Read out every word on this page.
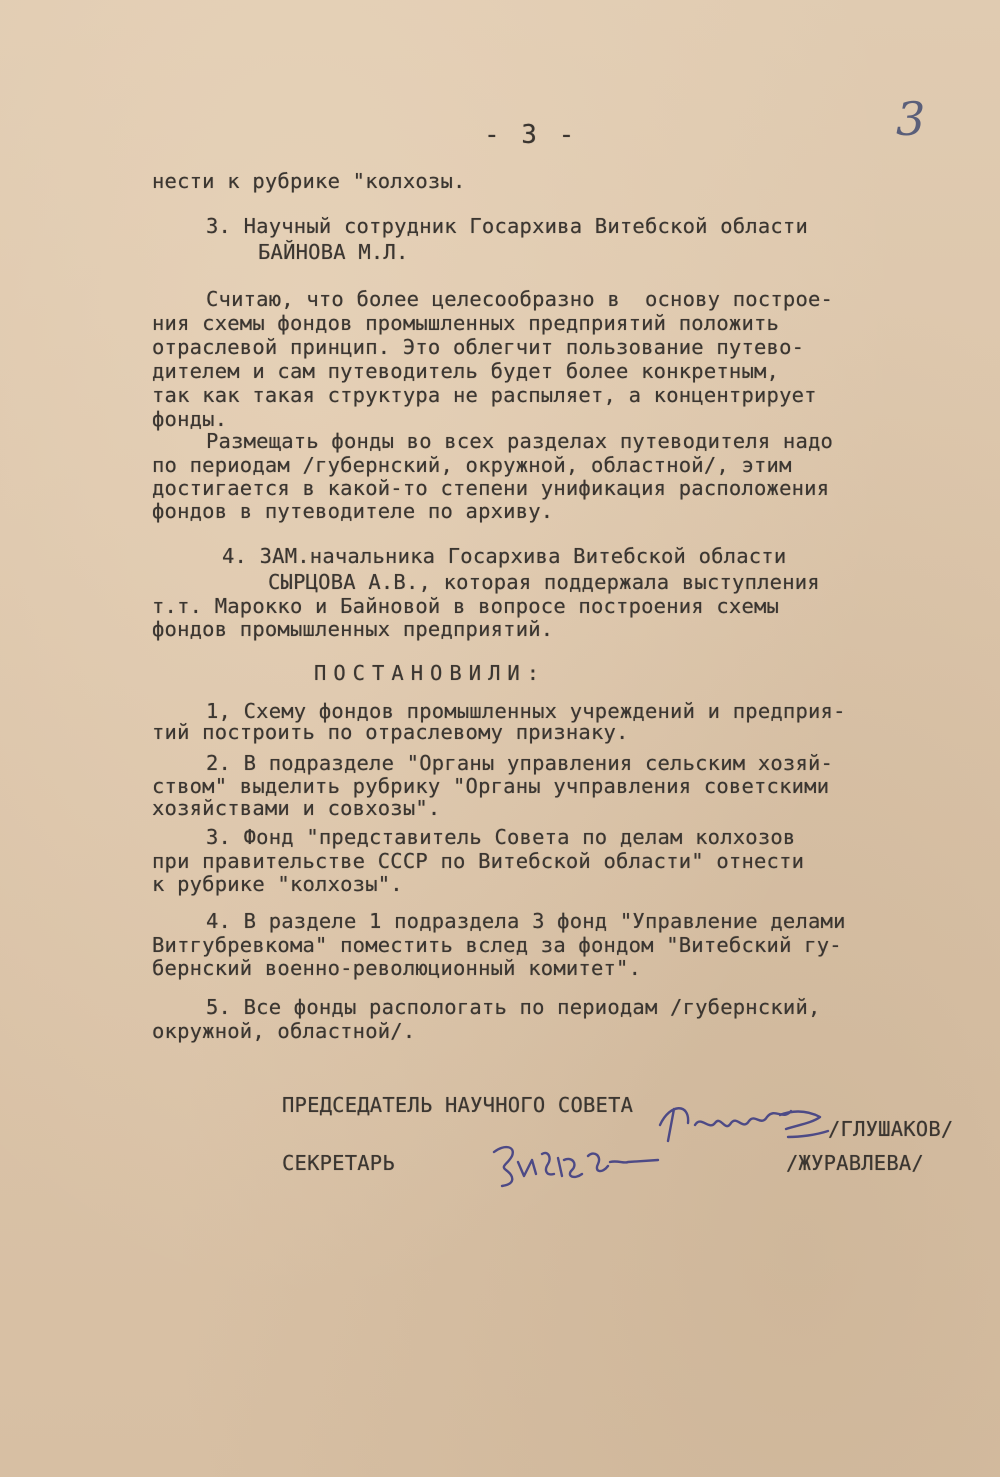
3
- 3 -
нести к рубрике "колхозы.
3. Научный сотрудник Госархива Витебской области
БАЙНОВА М.Л.
Считаю, что более целесообразно в  основу построе-
ния схемы фондов промышленных предприятий положить
отраслевой принцип. Это облегчит пользование путево-
дителем и сам путеводитель будет более конкретным,
так как такая структура не распыляет, а концентрирует
фонды.
Размещать фонды во всех разделах путеводителя надо
по периодам /губернский, окружной, областной/, этим
достигается в какой-то степени унификация расположения
фондов в путеводителе по архиву.
4. ЗАМ.начальника Госархива Витебской области
СЫРЦОВА А.В., которая поддержала выступления
т.т. Марокко и Байновой в вопросе построения схемы
фондов промышленных предприятий.
ПОСТАНОВИЛИ:
1, Схему фондов промышленных учреждений и предприя-
тий построить по отраслевому признаку.
2. В подразделе "Органы управления сельским хозяй-
ством" выделить рубрику "Органы учправления советскими
хозяйствами и совхозы".
3. Фонд "представитель Совета по делам колхозов
при правительстве СССР по Витебской области" отнести
к рубрике "колхозы".
4. В разделе 1 подраздела 3 фонд "Управление делами
Витгубревкома" поместить вслед за фондом "Витебский гу-
бернский военно-революционный комитет".
5. Все фонды распологать по периодам /губернский,
окружной, областной/.
ПРЕДСЕДАТЕЛЬ НАУЧНОГО СОВЕТА
/ГЛУШАКОВ/
СЕКРЕТАРЬ	/ЖУРАВЛЕВА/
